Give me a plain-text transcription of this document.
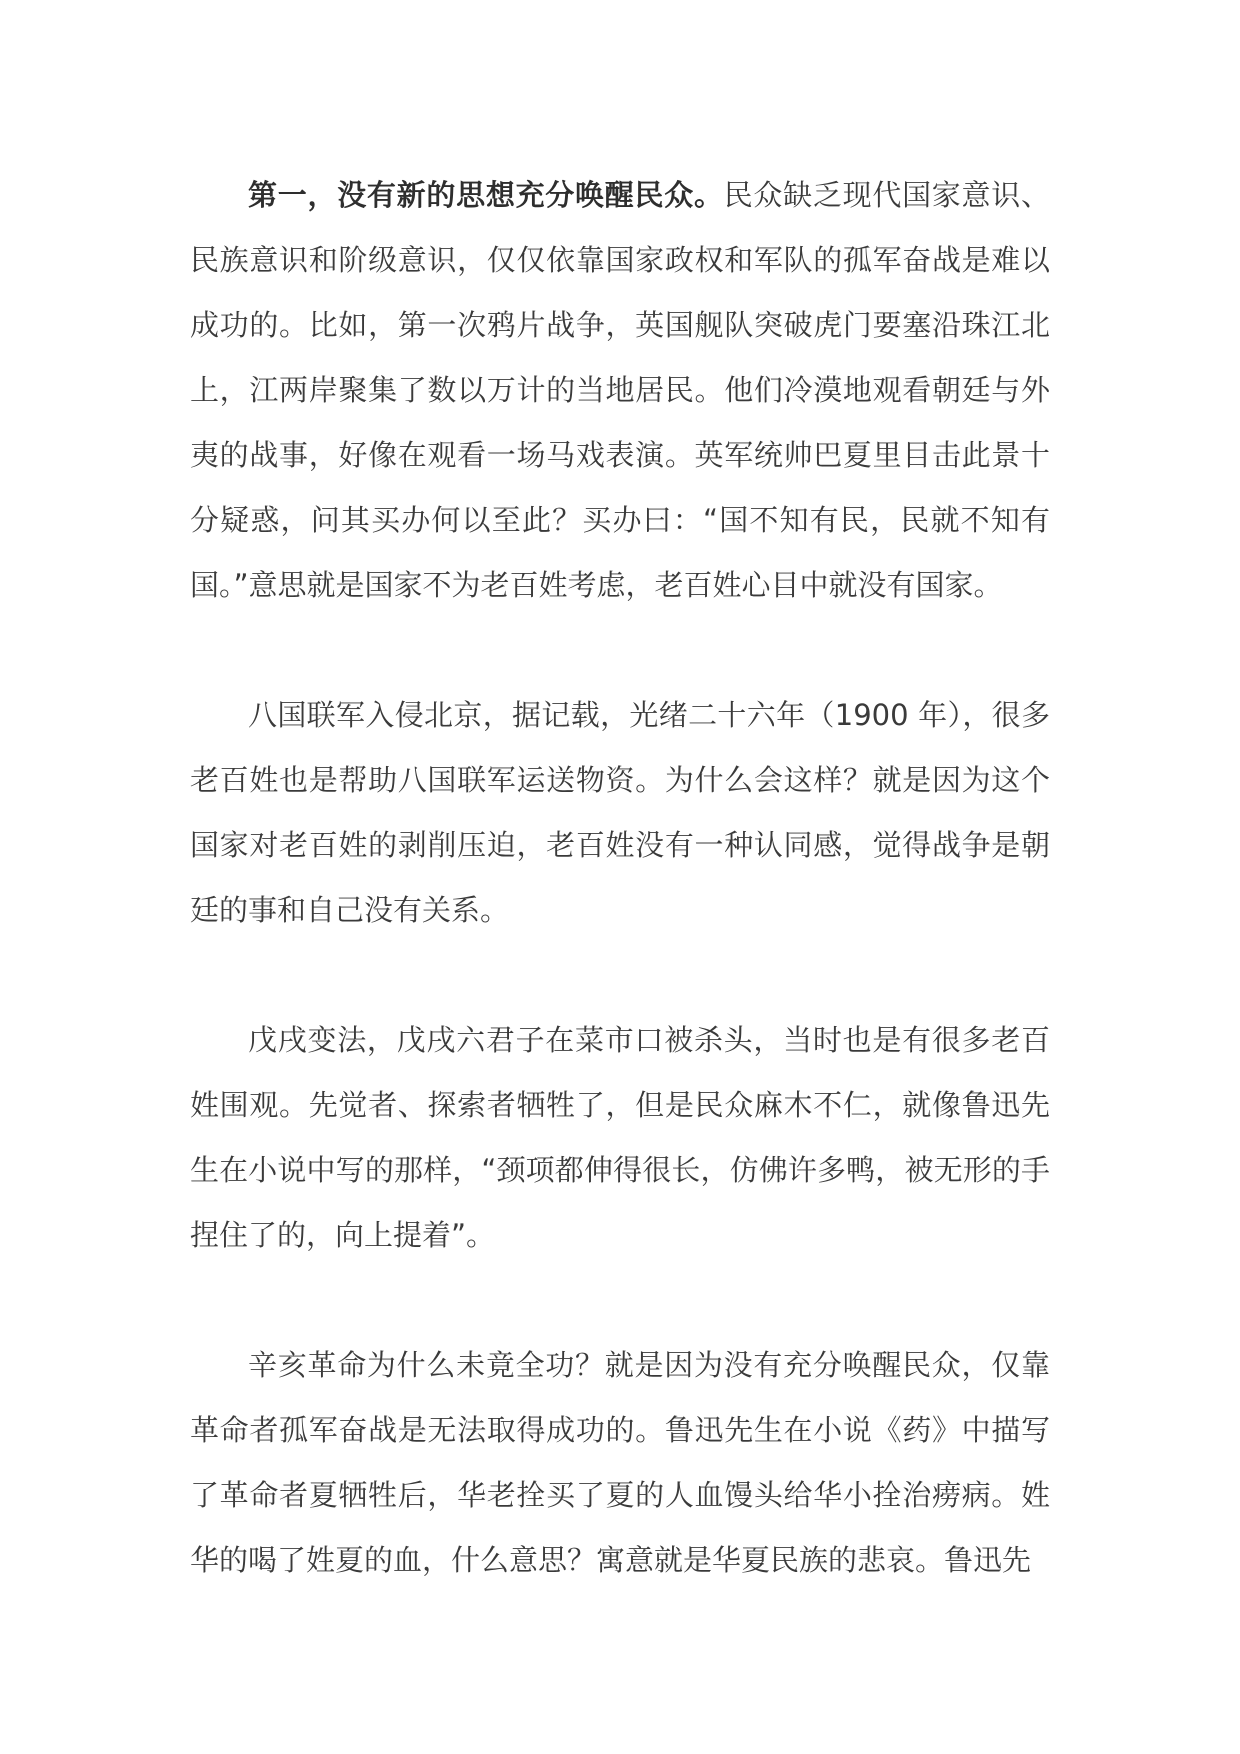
第一，没有新的思想充分唤醒民众。民众缺乏现代国家意识、民族意识和阶级意识，仅仅依靠国家政权和军队的孤军奋战是难以成功的。比如，第一次鸦片战争，英国舰队突破虎门要塞沿珠江北上，江两岸聚集了数以万计的当地居民。他们冷漠地观看朝廷与外夷的战事，好像在观看一场马戏表演。英军统帅巴夏里目击此景十分疑惑，问其买办何以至此？买办曰：“国不知有民，民就不知有国。”意思就是国家不为老百姓考虑，老百姓心目中就没有国家。

八国联军入侵北京，据记载，光绪二十六年（1900 年），很多老百姓也是帮助八国联军运送物资。为什么会这样？就是因为这个国家对老百姓的剥削压迫，老百姓没有一种认同感，觉得战争是朝廷的事和自己没有关系。

戊戌变法，戊戌六君子在菜市口被杀头，当时也是有很多老百姓围观。先觉者、探索者牺牲了，但是民众麻木不仁，就像鲁迅先生在小说中写的那样，“颈项都伸得很长，仿佛许多鸭，被无形的手捏住了的，向上提着”。

辛亥革命为什么未竟全功？就是因为没有充分唤醒民众，仅靠革命者孤军奋战是无法取得成功的。鲁迅先生在小说《药》中描写了革命者夏牺牲后，华老拴买了夏的人血馒头给华小拴治痨病。姓华的喝了姓夏的血，什么意思？寓意就是华夏民族的悲哀。鲁迅先
